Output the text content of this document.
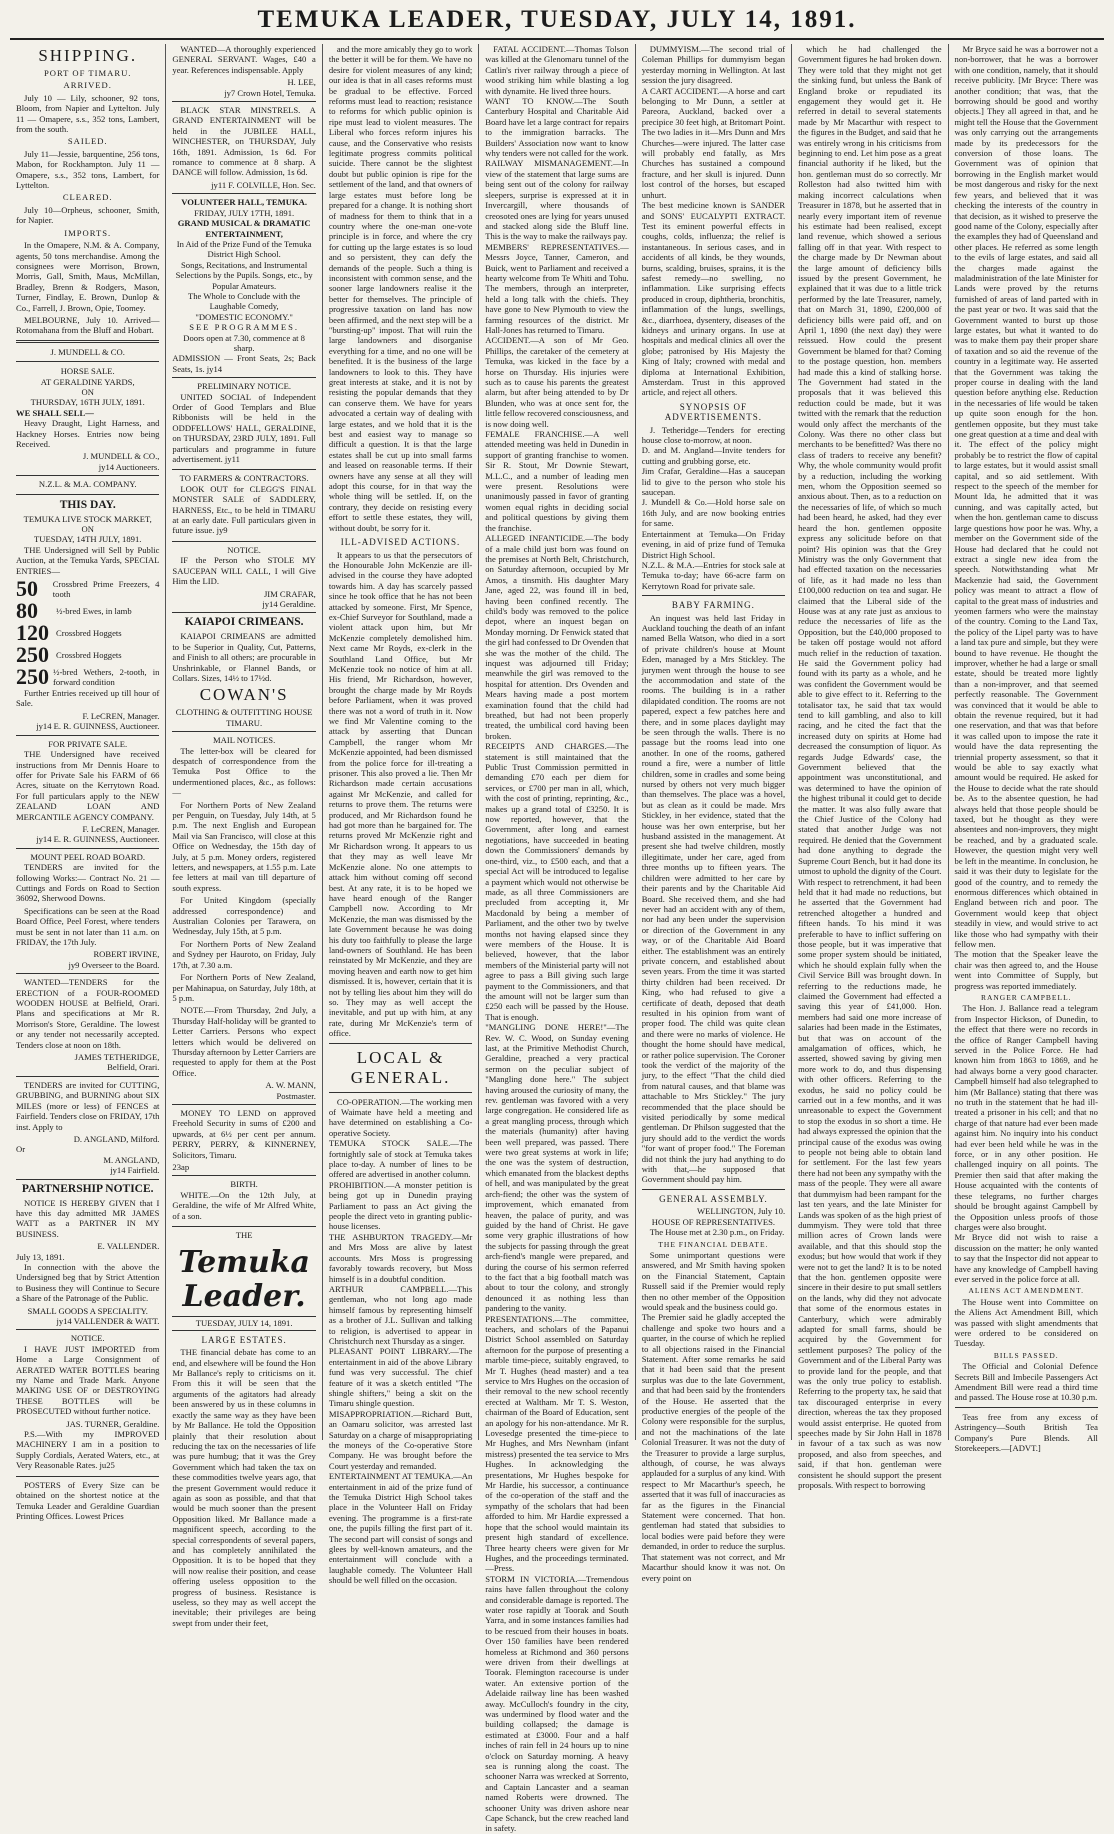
TEMUKA LEADER, TUESDAY, JULY 14, 1891.
SHIPPING.
PORT OF TIMARU.
ARRIVED.

July 10 — Lily, schooner, 92 tons, Bloom, from Napier and Lyttelton. July 11 — Omapere, s.s., 352 tons, Lambert, from the south.

SAILED.

July 11—Jessie, barquentine, 256 tons, Mabon, for Rockhampton. July 11 — Omapere, s.s., 352 tons, Lambert, for Lyttelton.

CLEARED.

July 10—Orpheus, schooner, Smith, for Napier.

IMPORTS.

In the Omapere, N.M. & A. Company, agents, 50 tons merchandise. Among the consignees were Morrison, Brown, Morris, Gall, Smith, Maus, McMillan, Bradley, Brenn & Rodgers, Mason, Turner, Findlay, E. Brown, Dunlop & Co., Farrell, J. Brown, Opie, Toomey.

MELBOURNE, July 10. Arrived—Rotomahana from the Bluff and Hobart.

J. MUNDELL & CO.
HORSE SALE.
AT GERALDINE YARDS,
ON
THURSDAY, 16TH JULY, 1891.
WE SHALL SELL—

Heavy Draught, Light Harness, and Hackney Horses. Entries now being Received.

J. MUNDELL & CO.,
jy14 Auctioneers.
N.Z.L. & M.A. COMPANY.
THIS DAY.
TEMUKA LIVE STOCK MARKET,
ON
TUESDAY, 14TH JULY, 1891.

THE Undersigned will Sell by Public Auction, at the Temuka Yards, SPECIAL ENTRIES—

50	Crossbred Prime Freezers, 4 tooth
80	½-bred Ewes, in lamb
120 Crossbred Hoggets
250 Crossbred Hoggets
250 ½-bred Wethers, 2-tooth, in forward condition

Further Entries received up till hour of Sale.

F. LeCREN, Manager.
jy14 E. R. GUINNESS, Auctioneer.
FOR PRIVATE SALE.

THE Undersigned have received instructions from Mr Dennis Hoare to offer for Private Sale his FARM of 66 Acres, situate on the Kerrytown Road. For full particulars apply to the NEW ZEALAND LOAN AND MERCANTILE AGENCY COMPANY.

F. LeCREN, Manager.
jy14 E. R. GUINNESS, Auctioneer.
MOUNT PEEL ROAD BOARD.

TENDERS are invited for the following Works:— Contract No. 21 — Cuttings and Fords on Road to Section 36092, Sherwood Downs.

Specifications can be seen at the Road Board Office, Peel Forest, where tenders must be sent in not later than 11 a.m. on FRIDAY, the 17th July.

ROBERT IRVINE,
jy9 Overseer to the Board.

WANTED—TENDERS for the ERECTION of a FOUR-ROOMED WOODEN HOUSE at Belfield, Orari. Plans and specifications at Mr R. Morrison's Store, Geraldine. The lowest or any tender not necessarily accepted. Tenders close at noon on 18th.

JAMES TETHERIDGE,
Belfield, Orari.

TENDERS are invited for CUTTING, GRUBBING, and BURNING about SIX MILES (more or less) of FENCES at Fairfield. Tenders close on FRIDAY, 17th inst. Apply to

D. ANGLAND, Milford.
Or
M. ANGLAND,
jy14 Fairfield.
PARTNERSHIP NOTICE.

NOTICE IS HEREBY GIVEN that I have this day admitted MR JAMES WATT as a PARTNER IN MY BUSINESS.

E. VALLENDER.
July 13, 1891.

In connection with the above the Undersigned beg that by Strict Attention to Business they will Continue to Secure a Share of the Patronage of the Public.

SMALL GOODS A SPECIALITY.
jy14 VALLENDER & WATT.
NOTICE.

I HAVE JUST IMPORTED from Home a Large Consignment of AERATED WATER BOTTLES bearing my Name and Trade Mark. Anyone MAKING USE OF or DESTROYING THESE BOTTLES will be PROSECUTED without further notice.

JAS. TURNER, Geraldine.

P.S.—With my IMPROVED MACHINERY I am in a position to Supply Cordials, Aerated Waters, etc., at Very Reasonable Rates. ju25

POSTERS of Every Size can be obtained on the shortest notice at the Temuka Leader and Geraldine Guardian Printing Offices. Lowest Prices

WANTED—A thoroughly experienced GENERAL SERVANT. Wages, £40 a year. References indispensable. Apply

H. LEE,
jy7 Crown Hotel, Temuka.

BLACK STAR MINSTRELS. A GRAND ENTERTAINMENT will be held in the JUBILEE HALL, WINCHESTER, on THURSDAY, July 16th, 1891. Admission, 1s 6d. For romance to commence at 8 sharp. A DANCE will follow. Admission, 1s 6d.

jy11 F. COLVILLE, Hon. Sec.
VOLUNTEER HALL, TEMUKA.
FRIDAY, JULY 17TH, 1891.
GRAND MUSICAL & DRAMATIC ENTERTAINMENT,
In Aid of the Prize Fund of the Temuka District High School.
Songs, Recitations, and Instrumental Selections by the Pupils. Songs, etc., by Popular Amateurs.
The Whole to Conclude with the Laughable Comedy,
"DOMESTIC ECONOMY."
SEE PROGRAMMES.
Doors open at 7.30, commence at 8 sharp.
ADMISSION — Front Seats, 2s; Back Seats, 1s. jy14
PRELIMINARY NOTICE.

UNITED SOCIAL of Independent Order of Good Templars and Blue Ribbonists will be held in the ODDFELLOWS' HALL, GERALDINE, on THURSDAY, 23RD JULY, 1891. Full particulars and programme in future advertisement. jy11

TO FARMERS & CONTRACTORS.

LOOK OUT for CLEGG'S FINAL MONSTER SALE of SADDLERY, HARNESS, Etc., to be held in TIMARU at an early date. Full particulars given in future issue. jy9

NOTICE.

IF the Person who STOLE MY SAUCEPAN WILL CALL, I will Give Him the LID.

JIM CRAFAR,
jy14 Geraldine.
KAIAPOI CRIMEANS.

KAIAPOI CRIMEANS are admitted to be Superior in Quality, Cut, Patterns, and Finish to all others; are procurable in Unshrinkable, or Flannel Bands, or Collars. Sizes, 14½ to 17½d.

COWAN'S
CLOTHING & OUTFITTING HOUSE
TIMARU.
MAIL NOTICES.

The letter-box will be cleared for despatch of correspondence from the Temuka Post Office to the undermentioned places, &c., as follows:—

For Northern Ports of New Zealand per Penguin, on Tuesday, July 14th, at 5 p.m. The next English and European Mail via San Francisco, will close at this Office on Wednesday, the 15th day of July, at 5 p.m. Money orders, registered letters, and newspapers, at 1.55 p.m. Late fee letters at mail van till departure of south express.

For United Kingdom (specially addressed correspondence) and Australian Colonies per Tarawera, on Wednesday, July 15th, at 5 p.m.

For Northern Ports of New Zealand and Sydney per Hauroto, on Friday, July 17th, at 7.30 a.m.

For Northern Ports of New Zealand, per Mahinapua, on Saturday, July 18th, at 5 p.m.

NOTE.—From Thursday, 2nd July, a Thursday Half-holiday will be granted to Letter Carriers. Persons who expect letters which would be delivered on Thursday afternoon by Letter Carriers are requested to apply for them at the Post Office.

A. W. MANN,
Postmaster.

MONEY TO LEND on approved Freehold Security in sums of £200 and upwards, at 6½ per cent per annum. PERRY, PERRY, & KINNERNEY, Solicitors, Timaru.

23ap
BIRTH.

WHITE.—On the 12th July, at Geraldine, the wife of Mr Alfred White, of a son.

THE
Temuka Leader.
TUESDAY, JULY 14, 1891.
LARGE ESTATES.

THE financial debate has come to an end, and elsewhere will be found the Hon Mr Ballance's reply to criticisms on it. From this it will be seen that the arguments of the agitators had already been answered by us in these columns in exactly the same way as they have been by Mr Ballance. He told the Opposition plainly that their resolution about reducing the tax on the necessaries of life was pure humbug; that it was the Grey Government which had taken the tax on these commodities twelve years ago, that the present Government would reduce it again as soon as possible, and that that would be much sooner than the present Opposition liked. Mr Ballance made a magnificent speech, according to the special correspondents of several papers, and has completely annihilated the Opposition. It is to be hoped that they will now realise their position, and cease offering useless opposition to the progress of business. Resistance is useless, so they may as well accept the inevitable; their privileges are being swept from under their feet,

and the more amicably they go to work the better it will be for them. We have no desire for violent measures of any kind; our idea is that in all cases reforms must be gradual to be effective. Forced reforms must lead to reaction; resistance to reforms for which public opinion is ripe must lead to violent measures. The Liberal who forces reform injures his cause, and the Conservative who resists legitimate progress commits political suicide. There cannot be the slightest doubt but public opinion is ripe for the settlement of the land, and that owners of large estates must before long be prepared for a change. It is nothing short of madness for them to think that in a country where the one-man one-vote principle is in force, and where the cry for cutting up the large estates is so loud and so persistent, they can defy the demands of the people. Such a thing is inconsistent with common sense, and the sooner large landowners realise it the better for themselves. The principle of progressive taxation on land has now been affirmed, and the next step will be a "bursting-up" impost. That will ruin the large landowners and disorganise everything for a time, and no one will be benefited. It is the business of the large landowners to look to this. They have great interests at stake, and it is not by resisting the popular demands that they can conserve them. We have for years advocated a certain way of dealing with large estates, and we hold that it is the best and easiest way to manage so difficult a question. It is that the large estates shall be cut up into small farms and leased on reasonable terms. If their owners have any sense at all they will adopt this course, for in that way the whole thing will be settled. If, on the contrary, they decide on resisting every effort to settle these estates, they will, without doubt, be sorry for it.

ILL-ADVISED ACTIONS.

It appears to us that the persecutors of the Honourable John McKenzie are ill-advised in the course they have adopted towards him. A day has scarcely passed since he took office that he has not been attacked by someone. First, Mr Spence, ex-Chief Surveyor for Southland, made a violent attack upon him, but Mr McKenzie completely demolished him. Next came Mr Royds, ex-clerk in the Southland Land Office, but Mr McKenzie took no notice of him at all. His friend, Mr Richardson, however, brought the charge made by Mr Royds before Parliament, when it was proved there was not a word of truth in it. Now we find Mr Valentine coming to the attack by asserting that Duncan Campbell, the ranger whom Mr McKenzie appointed, had been dismissed from the police force for ill-treating a prisoner. This also proved a lie. Then Mr Richardson made certain accusations against Mr McKenzie, and called for returns to prove them. The returns were produced, and Mr Richardson found he had got more than he bargained for. The returns proved Mr McKenzie right and Mr Richardson wrong. It appears to us that they may as well leave Mr McKenzie alone. No one attempts to attack him without coming off second best. At any rate, it is to be hoped we have heard enough of the Ranger Campbell now. According to Mr McKenzie, the man was dismissed by the late Government because he was doing his duty too faithfully to please the large land-owners of Southland. He has been reinstated by Mr McKenzie, and they are moving heaven and earth now to get him dismissed. It is, however, certain that it is not by telling lies about him they will do so. They may as well accept the inevitable, and put up with him, at any rate, during Mr McKenzie's term of office.

LOCAL & GENERAL.

CO-OPERATION.—The working men of Waimate have held a meeting and have determined on establishing a Co-operative Society.
TEMUKA STOCK SALE.—The fortnightly sale of stock at Temuka takes place to-day. A number of lines to be offered are advertised in another column.
PROHIBITION.—A monster petition is being got up in Dunedin praying Parliament to pass an Act giving the people the direct veto in granting public-house licenses.
THE ASHBURTON TRAGEDY.—Mr and Mrs Moss are alive by latest accounts. Mrs Moss is progressing favorably towards recovery, but Moss himself is in a doubtful condition.
ARTHUR CAMPBELL.—This gentleman, who not long ago made himself famous by representing himself as a brother of J.L. Sullivan and talking to religion, is advertised to appear in Christchurch next Thursday as a singer.
PLEASANT POINT LIBRARY.—The entertainment in aid of the above Library fund was very successful. The chief feature of it was a sketch entitled "The shingle shifters," being a skit on the Timaru shingle question.
MISAPPROPRIATION.—Richard Butt, an Oamaru solicitor, was arrested last Saturday on a charge of misappropriating the moneys of the Co-operative Store Company. He was brought before the Court yesterday and remanded.
ENTERTAINMENT AT TEMUKA.—An entertainment in aid of the prize fund of the Temuka District High School takes place in the Volunteer Hall on Friday evening. The programme is a first-rate one, the pupils filling the first part of it. The second part will consist of songs and glees by well-known amateurs, and the entertainment will conclude with a laughable comedy. The Volunteer Hall should be well filled on the occasion.

FATAL ACCIDENT.—Thomas Tolson was killed at the Glenomaru tunnel of the Catlin's river railway through a piece of wood striking him while blasting a log with dynamite. He lived three hours.
WANT TO KNOW.—The South Canterbury Hospital and Charitable Aid Board have let a large contract for repairs to the immigration barracks. The Builders' Association now want to know why tenders were not called for the work.
RAILWAY MISMANAGEMENT.—In view of the statement that large sums are being sent out of the colony for railway sleepers, surprise is expressed at it in Invercargill, where thousands of creosoted ones are lying for years unused and stacked along side the Bluff line. This is the way to make the railways pay.
MEMBERS' REPRESENTATIVES.—Messrs Joyce, Tanner, Cameron, and Buick, went to Parliament and received a hearty welcome from Te Whiti and Tohu. The members, through an interpreter, held a long talk with the chiefs. They have gone to New Plymouth to view the farming resources of the district. Mr Hall-Jones has returned to Timaru.
ACCIDENT.—A son of Mr Geo. Phillips, the caretaker of the cemetery at Temuka, was kicked in the face by a horse on Thursday. His injuries were such as to cause his parents the greatest alarm, but after being attended to by Dr Blunden, who was at once sent for, the little fellow recovered consciousness, and is now doing well.
FEMALE FRANCHISE.—A well attended meeting was held in Dunedin in support of granting franchise to women. Sir R. Stout, Mr Downie Stewart, M.L.C., and a number of leading men were present. Resolutions were unanimously passed in favor of granting women equal rights in deciding social and political questions by giving them the franchise.
ALLEGED INFANTICIDE.—The body of a male child just born was found on the premises at North Belt, Christchurch, on Saturday afternoon, occupied by Mr Amos, a tinsmith. His daughter Mary Jane, aged 22, was found ill in bed, having been confined recently. The child's body was removed to the police depot, where an inquest began on Monday morning. Dr Fenwick stated that the girl had confessed to Dr Ovenden that she was the mother of the child. The inquest was adjourned till Friday; meanwhile the girl was removed to the hospital for attention. Drs Ovenden and Mears having made a post mortem examination found that the child had breathed, but had not been properly treated, the umbilical cord having been broken.
RECEIPTS AND CHARGES.—The statement is still maintained that the Public Trust Commission permitted in demanding £70 each per diem for services, or £700 per man in all, which, with the cost of printing, reprinting, &c., makes up a grand total of £3250. It is now reported, however, that the Government, after long and earnest negotiations, have succeeded in beating down the Commissioners' demands by one-third, viz., to £500 each, and that a special Act will be introduced to legalise a payment which would not otherwise be made, as all three Commissioners are precluded from accepting it, Mr Macdonald by being a member of Parliament, and the other two by twelve months not having elapsed since they were members of the House. It is believed, however, that the labor members of the Ministerial party will not agree to pass a Bill giving such large payment to the Commissioners, and that the amount will not be larger sum than £250 each will be passed by the House. That is enough.
"MANGLING DONE HERE!"—The Rev. W. C. Wood, on Sunday evening last, at the Primitive Methodist Church, Geraldine, preached a very practical sermon on the peculiar subject of "Mangling done here." The subject having aroused the curiosity of many, the rev. gentleman was favored with a very large congregation. He considered life as a great mangling process, through which the materials (humanity) after having been well prepared, was passed. There were two great systems at work in life; the one was the system of destruction, which emanated from the blackest depths of hell, and was manipulated by the great arch-fiend; the other was the system of improvement, which emanated from heaven, the palace of purity, and was guided by the hand of Christ. He gave some very graphic illustrations of how the subjects for passing through the great arch-fiend's mangle were prepared, and during the course of his sermon referred to the fact that a big football match was about to tour the colony, and strongly denounced it as nothing less than pandering to the vanity.
PRESENTATIONS.—The committee, teachers, and scholars of the Papanui District School assembled on Saturday afternoon for the purpose of presenting a marble time-piece, suitably engraved, to Mr T. Hughes (head master) and a tea service to Mrs Hughes on the occasion of their removal to the new school recently erected at Waltham. Mr T. S. Weston, chairman of the Board of Education, sent an apology for his non-attendance. Mr R. Lovesedge presented the time-piece to Mr Hughes, and Mrs Newnham (infant mistress) presented the tea service to Mrs Hughes. In acknowledging the presentations, Mr Hughes bespoke for Mr Hardie, his successor, a continuance of the co-operation of the staff and the sympathy of the scholars that had been afforded to him. Mr Hardie expressed a hope that the school would maintain its present high standard of excellence. Three hearty cheers were given for Mr Hughes, and the proceedings terminated.—Press.
STORM IN VICTORIA.—Tremendous rains have fallen throughout the colony and considerable damage is reported. The water rose rapidly at Toorak and South Yarra, and in some instances families had to be rescued from their houses in boats. Over 150 families have been rendered homeless at Richmond and 360 persons were driven from their dwellings at Toorak. Flemington racecourse is under water. An extensive portion of the Adelaide railway line has been washed away. McCulloch's foundry in the city, was undermined by flood water and the building collapsed; the damage is estimated at £3000. Four and a half inches of rain fell in 24 hours up to nine o'clock on Saturday morning. A heavy sea is running along the coast. The schooner Narra was wrecked at Sorrento, and Captain Lancaster and a seaman named Roberts were drowned. The schooner Unity was driven ashore near Cape Schanck, but the crew reached land in safety.

DUMMYISM.—The second trial of Coleman Phillips for dummyism began yesterday morning in Wellington. At last session the jury disagreed.
A CART ACCIDENT.—A horse and cart belonging to Mr Dunn, a settler at Pareora, Auckland, backed over a precipice 30 feet high, at Britomart Point. The two ladies in it—Mrs Dunn and Mrs Churches—were injured. The latter case will probably end fatally, as Mrs Churches has sustained a compound fracture, and her skull is injured. Dunn lost control of the horses, but escaped unhurt.
The best medicine known is SANDER and SONS' EUCALYPTI EXTRACT. Test its eminent powerful effects in coughs, colds, influenza; the relief is instantaneous. In serious cases, and in accidents of all kinds, be they wounds, burns, scalding, bruises, sprains, it is the safest remedy—no swelling, no inflammation. Like surprising effects produced in croup, diphtheria, bronchitis, inflammation of the lungs, swellings, &c., diarrhoea, dysentery, diseases of the kidneys and urinary organs. In use at hospitals and medical clinics all over the globe; patronised by His Majesty the King of Italy; crowned with medal and diploma at International Exhibition, Amsterdam. Trust in this approved article, and reject all others.

SYNOPSIS OF ADVERTISEMENTS.

J. Tetheridge—Tenders for erecting house close to-morrow, at noon.
D. and M. Angland—Invite tenders for cutting and grubbing gorse, etc.
Jim Crafar, Geraldine—Has a saucepan lid to give to the person who stole his saucepan.
J. Mundell & Co.—Hold horse sale on 16th July, and are now booking entries for same.
Entertainment at Temuka—On Friday evening, in aid of prize fund of Temuka District High School.
N.Z.L. & M.A.—Entries for stock sale at Temuka to-day; have 66-acre farm on Kerrytown Road for private sale.

BABY FARMING.

An inquest was held last Friday in Auckland touching the death of an infant named Bella Watson, who died in a sort of private children's house at Mount Eden, managed by a Mrs Stickley. The jurymen went through the house to see the accommodation and state of the rooms. The building is in a rather dilapidated condition. The rooms are not papered, expect a few patches here and there, and in some places daylight may be seen through the walls. There is no passage but the rooms lead into one another. In one of the rooms, gathered round a fire, were a number of little children, some in cradles and some being nursed by others not very much bigger than themselves. The place was a hovel, but as clean as it could be made. Mrs Stickley, in her evidence, stated that the house was her own enterprise, but her husband assisted in the management. At present she had twelve children, mostly illegitimate, under her care, aged from three months up to fifteen years. The children were admitted to her care by their parents and by the Charitable Aid Board. She received them, and she had never had an accident with any of them, nor had any been under the supervision or direction of the Government in any way, or of the Charitable Aid Board either. The establishment was an entirely private concern, and established about seven years. From the time it was started thirty children had been received. Dr King, who had refused to give a certificate of death, deposed that death resulted in his opinion from want of proper food. The child was quite clean and there were no marks of violence. He thought the home should have medical, or rather police supervision. The Coroner took the verdict of the majority of the jury, to the effect "That the child died from natural causes, and that blame was attachable to Mrs Stickley." The jury recommended that the place should be visited periodically by some medical gentleman. Dr Philson suggested that the jury should add to the verdict the words "for want of proper food." The Foreman did not think the jury had anything to do with that,—he supposed that Government should pay him.

GENERAL ASSEMBLY.
WELLINGTON, July 10.
HOUSE OF REPRESENTATIVES.

The House met at 2.30 p.m., on Friday.

THE FINANCIAL DEBATE.

Some unimportant questions were answered, and Mr Smith having spoken on the Financial Statement, Captain Russell said if the Premier would reply then no other member of the Opposition would speak and the business could go.
The Premier said he gladly accepted the challenge and spoke two hours and a quarter, in the course of which he replied to all objections raised in the Financial Statement. After some remarks he said that it had been said that the present surplus was due to the late Government, and that had been said by the frontenders of the House. He asserted that the productive energies of the people of the Colony were responsible for the surplus, and not the machinations of the late Colonial Treasurer. It was not the duty of the Treasurer to provide a large surplus, although, of course, he was always applauded for a surplus of any kind. With respect to Mr Macarthur's speech, he asserted that it was full of inaccuracies as far as the figures in the Financial Statement were concerned. That hon. gentleman had stated that subsidies to local bodies were paid before they were demanded, in order to reduce the surplus. That statement was not correct, and Mr Macarthur should know it was not. On every point on

which he had challenged the Government figures he had broken down. They were told that they might not get the sinking fund, but unless the Bank of England broke or repudiated its engagement they would get it. He referred in detail to several statements made by Mr Macarthur with respect to the figures in the Budget, and said that he was entirely wrong in his criticisms from beginning to end. Let him pose as a great financial authority if he liked, but the hon. gentleman must do so correctly. Mr Rolleston had also twitted him with making incorrect calculations when Treasurer in 1878, but he asserted that in nearly every important item of revenue his estimate had been realised, except land revenue, which showed a serious falling off in that year. With respect to the charge made by Dr Newman about the large amount of deficiency bills issued by the present Government, he explained that it was due to a little trick performed by the late Treasurer, namely, that on March 31, 1890, £200,000 of deficiency bills were paid off, and on April 1, 1890 (the next day) they were reissued. How could the present Government be blamed for that? Coming to the postage question, hon. members had made this a kind of stalking horse. The Government had stated in the proposals that it was believed this reduction could be made, but it was twitted with the remark that the reduction would only affect the merchants of the Colony. Was there no other class but merchants to be benefitted? Was there no class of traders to receive any benefit? Why, the whole community would profit by a reduction, including the working men, whom the Opposition seemed so anxious about. Then, as to a reduction on the necessaries of life, of which so much had been heard, he asked, had they ever heard the hon. gentlemen opposite express any solicitude before on that point? His opinion was that the Grey Ministry was the only Government that had effected taxation on the necessaries of life, as it had made no less than £100,000 reduction on tea and sugar. He claimed that the Liberal side of the House was at any rate just as anxious to reduce the necessaries of life as the Opposition, but the £40,000 proposed to be taken off postage would not afford much relief in the reduction of taxation. He said the Government policy had found with its party as a whole, and he was confident the Government would be able to give effect to it. Referring to the totalisator tax, he said that tax would tend to kill gambling, and also to kill racing, and he cited the fact that the increased duty on spirits at Home had decreased the consumption of liquor. As regards Judge Edwards' case, the Government believed that the appointment was unconstitutional, and was determined to have the opinion of the highest tribunal it could get to decide the matter. It was also fully aware that the Chief Justice of the Colony had stated that another Judge was not required. He denied that the Government had done anything to degrade the Supreme Court Bench, but it had done its utmost to uphold the dignity of the Court. With respect to retrenchment, it had been held that it had made no reductions, but he asserted that the Government had retrenched altogether a hundred and fifteen hands. To his mind it was preferable to have to inflict suffering on those people, but it was imperative that some proper system should be initiated, which he should explain fully when the Civil Service Bill was brought down. In referring to the reductions made, he claimed the Government had effected a saving this year of £41,000. Hon. members had said one more increase of salaries had been made in the Estimates, but that was on account of the amalgamation of offices, which, he asserted, showed saving by giving men more work to do, and thus dispensing with other officers. Referring to the exodus, he said no policy could be carried out in a few months, and it was unreasonable to expect the Government to stop the exodus in so short a time. He had always expressed the opinion that the principal cause of the exodus was owing to people not being able to obtain land for settlement. For the last few years there had not been any sympathy with the mass of the people. They were all aware that dummyism had been rampant for the last ten years, and the late Minister for Lands was spoken of as the high priest of dummyism. They were told that three million acres of Crown lands were available, and that this should stop the exodus; but how would that work if they were not to get the land? It is to be noted that the hon. gentlemen opposite were sincere in their desire to put small settlers on the lands, why did they not advocate that some of the enormous estates in Canterbury, which were admirably adapted for small farms, should be acquired by the Government for settlement purposes? The policy of the Government and of the Liberal Party was to provide land for the people, and that was the only true policy to establish. Referring to the property tax, he said that tax discouraged enterprise in every direction, whereas the tax they proposed would assist enterprise. He quoted from speeches made by Sir John Hall in 1878 in favour of a tax such as was now proposed, and also from speeches, and said, if that hon. gentleman were consistent he should support the present proposals. With respect to borrowing

Mr Bryce said he was a borrower not a non-borrower, that he was a borrower with one condition, namely, that it should receive publicity. [Mr Bryce: There was another condition; that was, that the borrowing should be good and worthy objects.] They all agreed in that, and he might tell the House that the Government was only carrying out the arrangements made by its predecessors for the conversion of those loans. The Government was of opinion that borrowing in the English market would be most dangerous and risky for the next few years, and believed that it was checking the interests of the country in that decision, as it wished to preserve the good name of the Colony, especially after the examples they had of Queensland and other places. He referred as some length to the evils of large estates, and said all the charges made against the maladministration of the late Minister for Lands were proved by the returns furnished of areas of land parted with in the past year or two. It was said that the Government wanted to burst up those large estates, but what it wanted to do was to make them pay their proper share of taxation and so aid the revenue of the country in a legitimate way. He asserted that the Government was taking the proper course in dealing with the land question before anything else. Reduction in the necessaries of life would be taken up quite soon enough for the hon. gentlemen opposite, but they must take one great question at a time and deal with it. The effect of the policy might probably be to restrict the flow of capital to large estates, but it would assist small capital, and so aid settlement. With respect to the speech of the member for Mount Ida, he admitted that it was cunning, and was capitally acted, but when the hon. gentleman came to discuss large questions how poor he was. Why, a member on the Government side of the House had declared that he could not extract a single new idea from the speech. Notwithstanding what Mr Mackenzie had said, the Government policy was meant to attract a flow of capital to the great mass of industries and yeomen farmers who were the mainstay of the country. Coming to the Land Tax, the policy of the Lipel party was to have a land tax pure and simple, but they were bound to have revenue. He thought the improver, whether he had a large or small estate, should be treated more lightly than a non-improver, and that seemed perfectly reasonable. The Government was convinced that it would be able to obtain the revenue required, but it had one reservation, and that was that before it was called upon to impose the rate it would have the data representing the triennial property assessment, so that it would be able to say exactly what amount would be required. He asked for the House to decide what the rate should be. As to the absentee question, he had always held that those people should be taxed, but he thought as they were absentees and non-improvers, they might be reached, and by a graduated scale. However, the question might very well be left in the meantime. In conclusion, he said it was their duty to legislate for the good of the country, and to remedy the enormous differences which obtained in England between rich and poor. The Government would keep that object steadily in view, and would strive to act like those who had sympathy with their fellow men.
The motion that the Speaker leave the chair was then agreed to, and the House went into Committee of Supply, but progress was reported immediately.

RANGER CAMPBELL.

The Hon. J. Ballance read a telegram from Inspector Hickson, of Dunedin, to the effect that there were no records in the office of Ranger Campbell having served in the Police Force. He had known him from 1863 to 1869, and he had always borne a very good character. Campbell himself had also telegraphed to him (Mr Ballance) stating that there was no truth in the statement that he had ill-treated a prisoner in his cell; and that no charge of that nature had ever been made against him. No inquiry into his conduct had ever been held while he was in the force, or in any other position. He challenged inquiry on all points. The Premier then said that after making the House acquainted with the contents of these telegrams, no further charges should be brought against Campbell by the Opposition unless proofs of those charges were also brought.
Mr Bryce did not wish to raise a discussion on the matter; he only wanted to say that the Inspector did not appear to have any knowledge of Campbell having ever served in the police force at all.

ALIENS ACT AMENDMENT.

The House went into Committee on the Aliens Act Amendment Bill, which was passed with slight amendments that were ordered to be considered on Tuesday.

BILLS PASSED.

The Official and Colonial Defence Secrets Bill and Imbecile Passengers Act Amendment Bill were read a third time and passed. The House rose at 10.30 p.m.

Teas free from any excess of Astringency—South British Tea Company's Pure Blends. All Storekeepers.—[ADVT.]
